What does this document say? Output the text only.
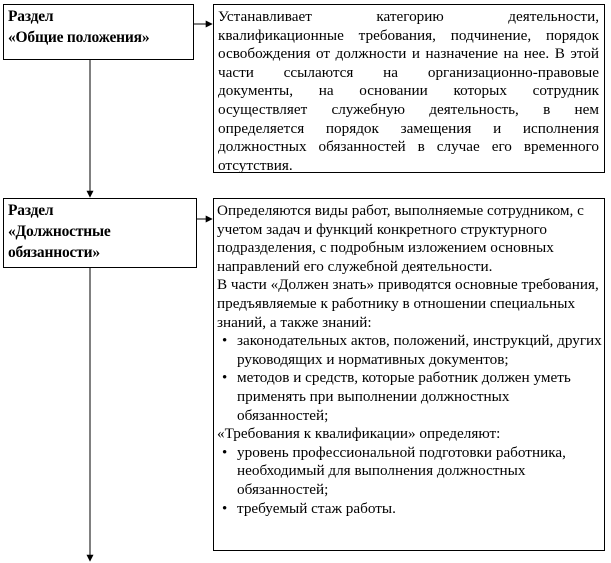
Раздел
«Общие положения»

Устанавливает категорию деятельности, квалификационные требования, подчинение, порядок освобождения от должности и назначение на нее. В этой части ссылаются на организационно-правовые документы, на основании которых сотрудник осуществляет служебную деятельность, в нем определяется порядок замещения и исполнения должностных обязанностей в случае его временного отсутствия.

Раздел
«Должностные
обязанности»

Определяются виды работ, выполняемые сотрудником, с учетом задач и функций конкретного структурного подразделения, с подробным изложением основных направлений его служебной деятельности.

В части «Должен знать» приводятся основные требования, предъявляемые к работнику в отношении специальных знаний, а также знаний:

• законодательных актов, положений, инструкций, других руководящих и нормативных документов;
• методов и средств, которые работник должен уметь применять при выполнении должностных обязанностей;

«Требования к квалификации» определяют:

• уровень профессиональной подготовки работника, необходимый для выполнения должностных обязанностей;
• требуемый стаж работы.
